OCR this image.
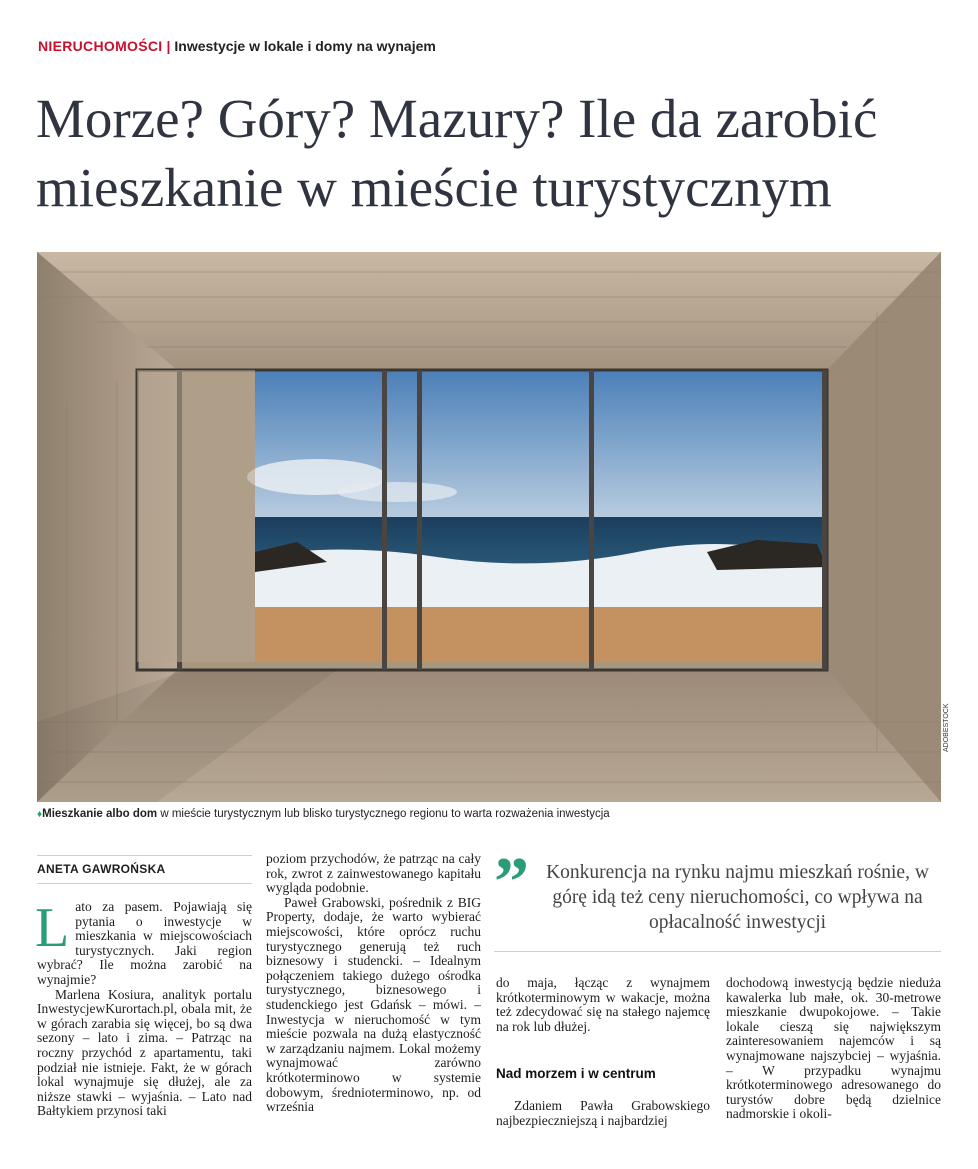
NIERUCHOMOŚCI | Inwestycje w lokale i domy na wynajem
Morze? Góry? Mazury? Ile da zarobić mieszkanie w mieście turystycznym
ADOBESTOCK
♦Mieszkanie albo dom w mieście turystycznym lub blisko turystycznego regionu to warta rozważenia inwestycja
ANETA GAWROŃSKA

Lato za pasem. Pojawiają się pytania o inwestycje w mieszkania w miejscowościach turystycznych. Jaki region wybrać? Ile można zarobić na wynajmie?

Marlena Kosiura, analityk portalu InwestycjewKurortach.pl, obala mit, że w górach zarabia się więcej, bo są dwa sezony – lato i zima. – Patrząc na roczny przychód z apartamentu, taki podział nie istnieje. Fakt, że w górach lokal wynajmuje się dłużej, ale za niższe stawki – wyjaśnia. – Lato nad Bałtykiem przynosi taki

poziom przychodów, że patrząc na cały rok, zwrot z zainwestowanego kapitału wygląda podobnie.

Paweł Grabowski, pośrednik z BIG Property, dodaje, że warto wybierać miejscowości, które oprócz ruchu turystycznego generują też ruch biznesowy i studencki. – Idealnym połączeniem takiego dużego ośrodka turystycznego, biznesowego i studenckiego jest Gdańsk – mówi. – Inwestycja w nieruchomość w tym mieście pozwala na dużą elastyczność w zarządzaniu najmem. Lokal możemy wynajmować zarówno krótkoterminowo w systemie dobowym, średnioterminowo, np. od września

” Konkurencja na rynku najmu mieszkań rośnie, w górę idą też ceny nieruchomości, co wpływa na opłacalność inwestycji

do maja, łącząc z wynajmem krótkoterminowym w wakacje, można też zdecydować się na stałego najemcę na rok lub dłużej.

Nad morzem i w centrum

Zdaniem Pawła Grabowskiego najbezpieczniejszą i najbardziej

dochodową inwestycją będzie nieduża kawalerka lub małe, ok. 30-metrowe mieszkanie dwupokojowe. – Takie lokale cieszą się największym zainteresowaniem najemców i są wynajmowane najszybciej – wyjaśnia. – W przypadku wynajmu krótkoterminowego adresowanego do turystów dobre będą dzielnice nadmorskie i okoli-
